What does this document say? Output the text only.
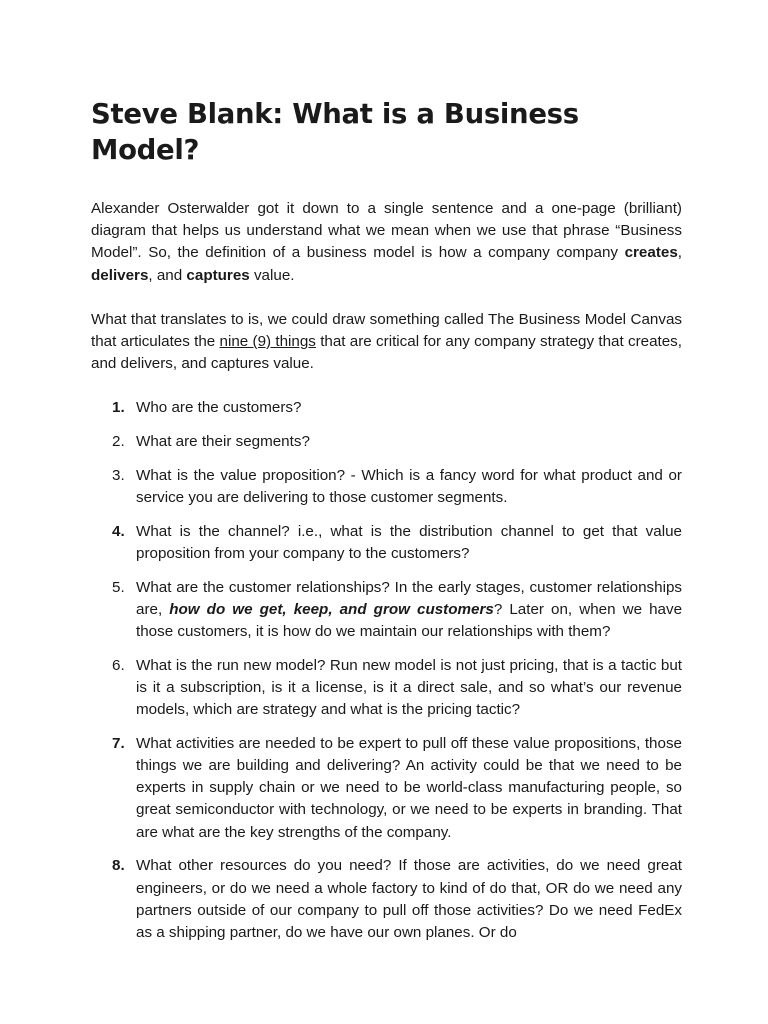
Steve Blank: What is a Business Model?

Alexander Osterwalder got it down to a single sentence and a one-page (brilliant) diagram that helps us understand what we mean when we use that phrase “Business Model”. So, the definition of a business model is how a company company creates, delivers, and captures value.

What that translates to is, we could draw something called The Business Model Canvas that articulates the nine (9) things that are critical for any company strategy that creates, and delivers, and captures value.

1. Who are the customers?
2. What are their segments?
3. What is the value proposition? - Which is a fancy word for what product and or service you are delivering to those customer segments.
4. What is the channel? i.e., what is the distribution channel to get that value proposition from your company to the customers?
5. What are the customer relationships? In the early stages, customer relationships are, how do we get, keep, and grow customers? Later on, when we have those customers, it is how do we maintain our relationships with them?
6. What is the run new model? Run new model is not just pricing, that is a tactic but is it a subscription, is it a license, is it a direct sale, and so what’s our revenue models, which are strategy and what is the pricing tactic?
7. What activities are needed to be expert to pull off these value propositions, those things we are building and delivering? An activity could be that we need to be experts in supply chain or we need to be world-class manufacturing people, so great semiconductor with technology, or we need to be experts in branding. That are what are the key strengths of the company.
8. What other resources do you need? If those are activities, do we need great engineers, or do we need a whole factory to kind of do that, OR do we need any partners outside of our company to pull off those activities? Do we need FedEx as a shipping partner, do we have our own planes. Or do
